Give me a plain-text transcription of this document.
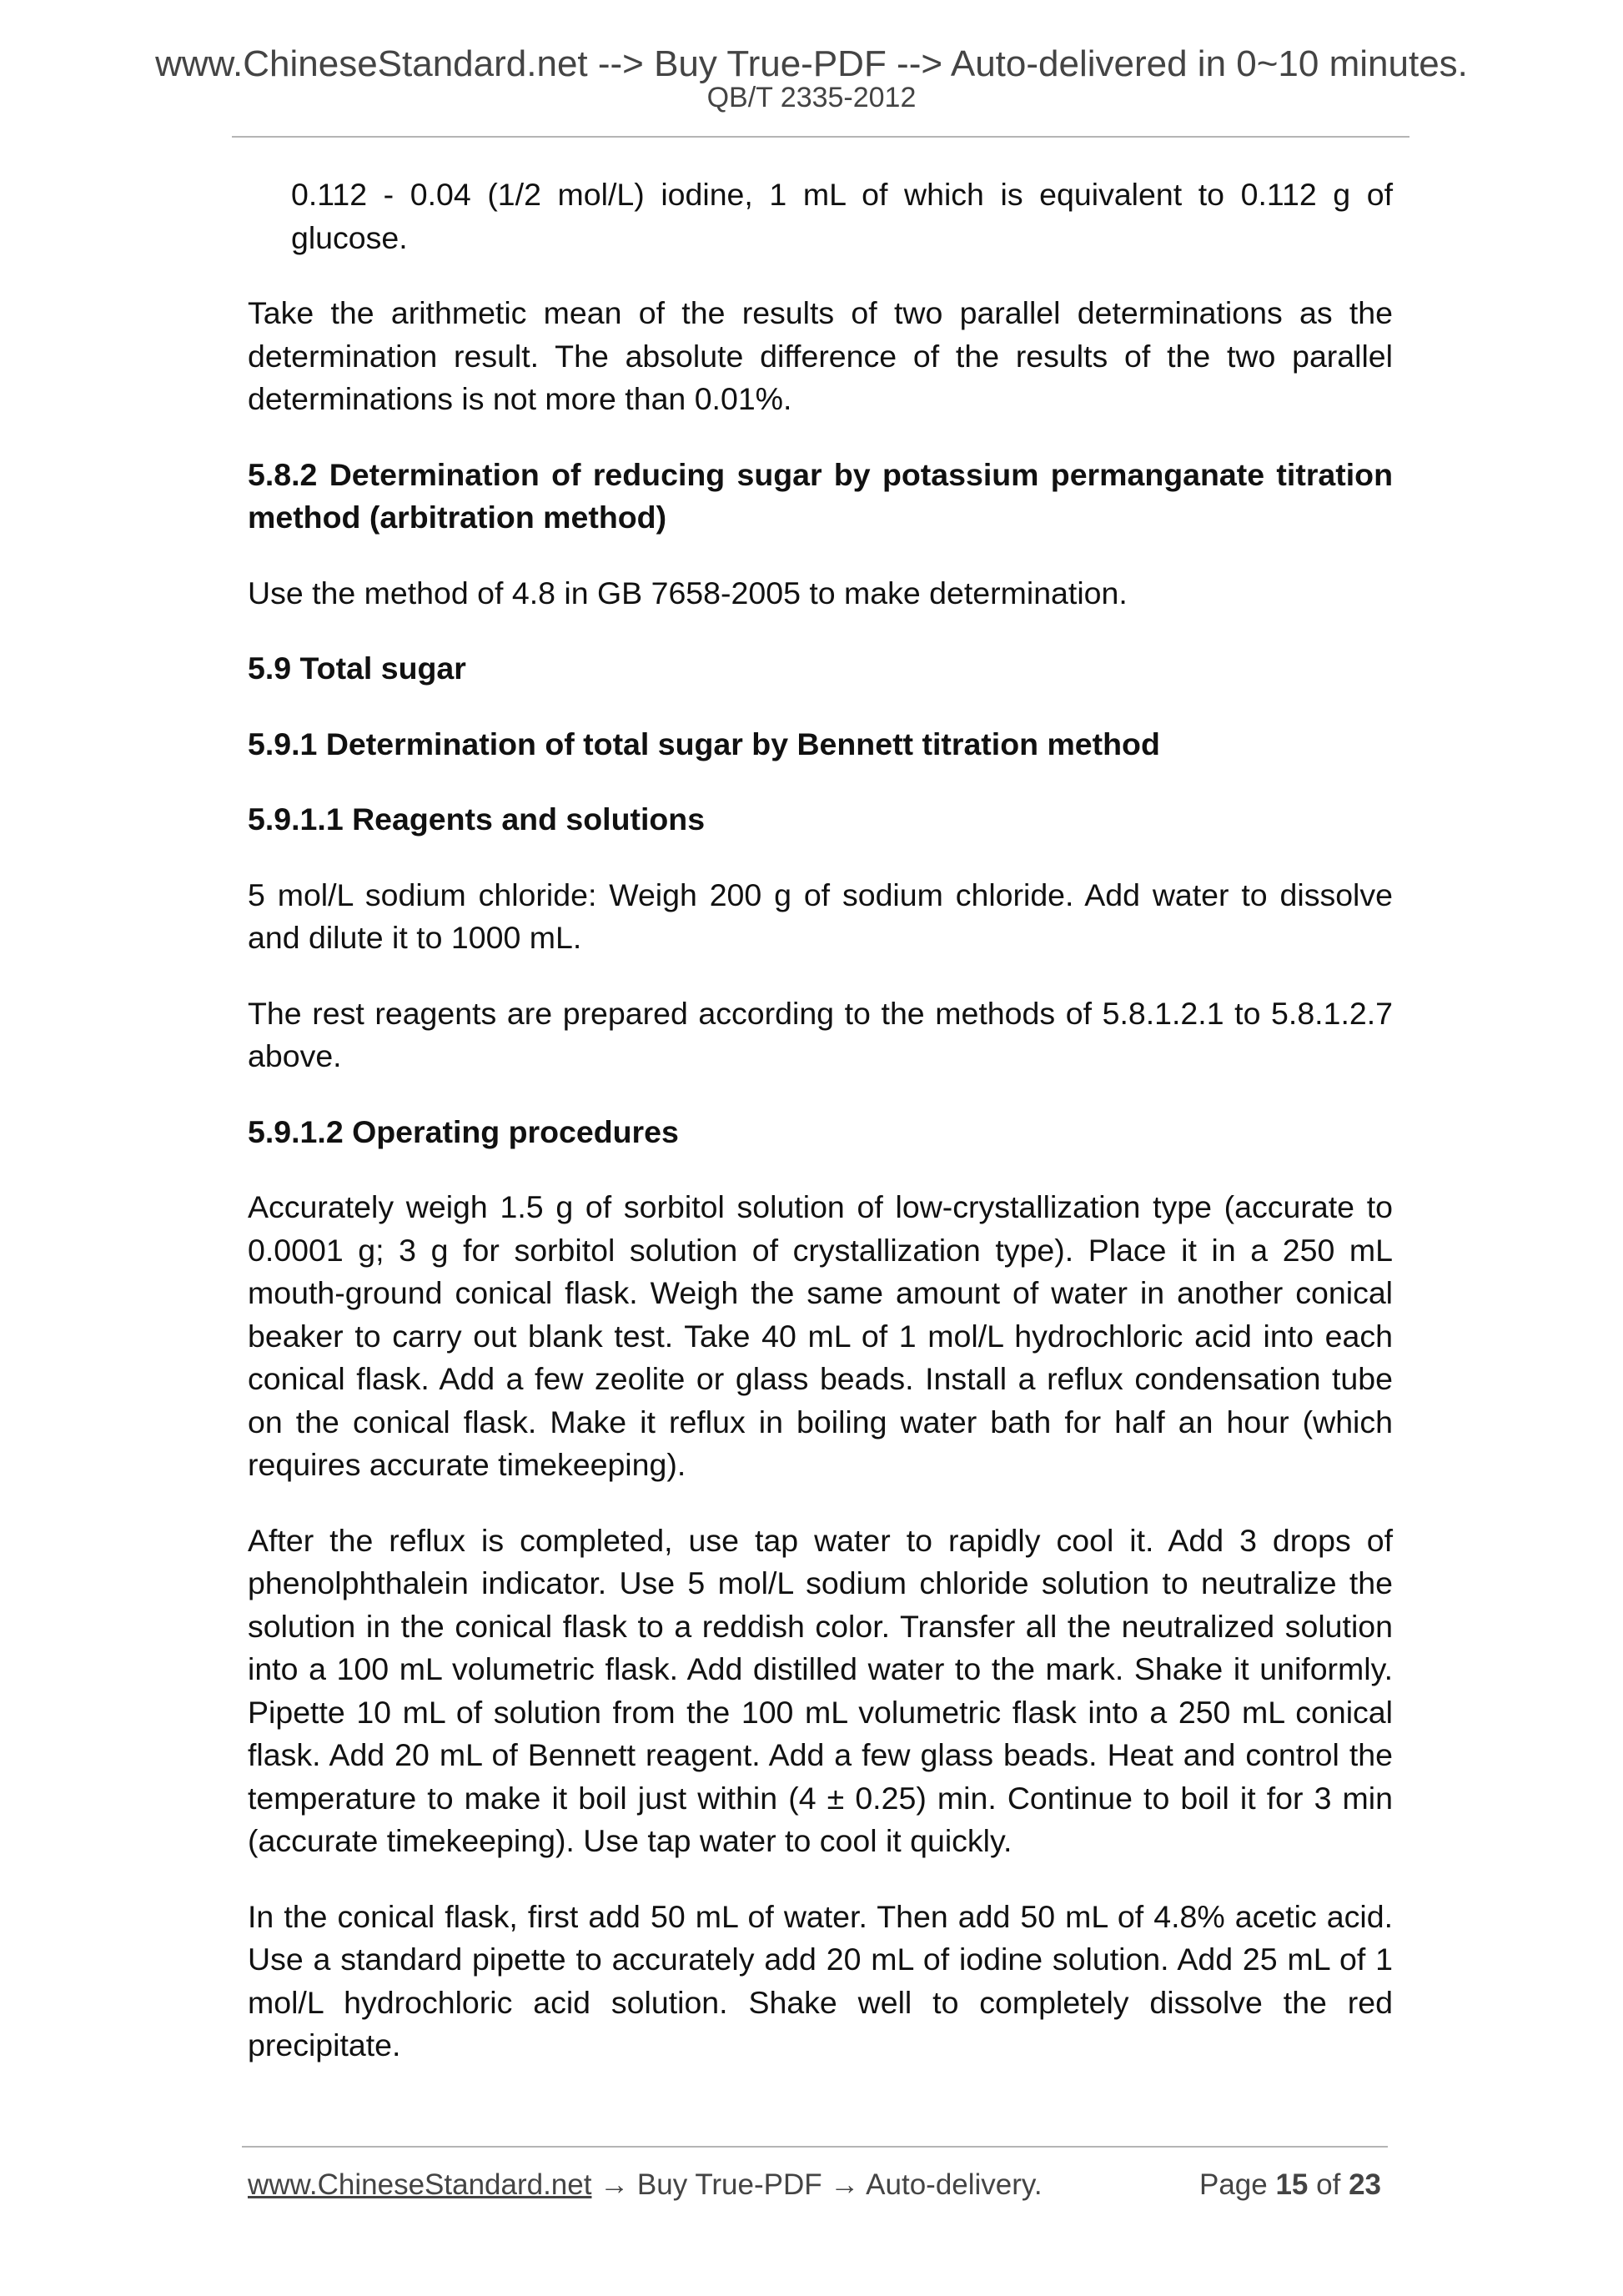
www.ChineseStandard.net --> Buy True-PDF --> Auto-delivered in 0~10 minutes.
QB/T 2335-2012

0.112 - 0.04 (1/2 mol/L) iodine, 1 mL of which is equivalent to 0.112 g of glucose.

Take the arithmetic mean of the results of two parallel determinations as the determination result. The absolute difference of the results of the two parallel determinations is not more than 0.01%.

5.8.2 Determination of reducing sugar by potassium permanganate titration method (arbitration method)

Use the method of 4.8 in GB 7658-2005 to make determination.

5.9 Total sugar

5.9.1 Determination of total sugar by Bennett titration method

5.9.1.1 Reagents and solutions

5 mol/L sodium chloride: Weigh 200 g of sodium chloride. Add water to dissolve and dilute it to 1000 mL.

The rest reagents are prepared according to the methods of 5.8.1.2.1 to 5.8.1.2.7 above.

5.9.1.2 Operating procedures

Accurately weigh 1.5 g of sorbitol solution of low-crystallization type (accurate to 0.0001 g; 3 g for sorbitol solution of crystallization type). Place it in a 250 mL mouth-ground conical flask. Weigh the same amount of water in another conical beaker to carry out blank test. Take 40 mL of 1 mol/L hydrochloric acid into each conical flask. Add a few zeolite or glass beads. Install a reflux condensation tube on the conical flask. Make it reflux in boiling water bath for half an hour (which requires accurate timekeeping).

After the reflux is completed, use tap water to rapidly cool it. Add 3 drops of phenolphthalein indicator. Use 5 mol/L sodium chloride solution to neutralize the solution in the conical flask to a reddish color. Transfer all the neutralized solution into a 100 mL volumetric flask. Add distilled water to the mark. Shake it uniformly. Pipette 10 mL of solution from the 100 mL volumetric flask into a 250 mL conical flask. Add 20 mL of Bennett reagent. Add a few glass beads. Heat and control the temperature to make it boil just within (4 ± 0.25) min. Continue to boil it for 3 min (accurate timekeeping). Use tap water to cool it quickly.

In the conical flask, first add 50 mL of water. Then add 50 mL of 4.8% acetic acid. Use a standard pipette to accurately add 20 mL of iodine solution. Add 25 mL of 1 mol/L hydrochloric acid solution. Shake well to completely dissolve the red precipitate.

www.ChineseStandard.net → Buy True-PDF → Auto-delivery.	Page 15 of 23
